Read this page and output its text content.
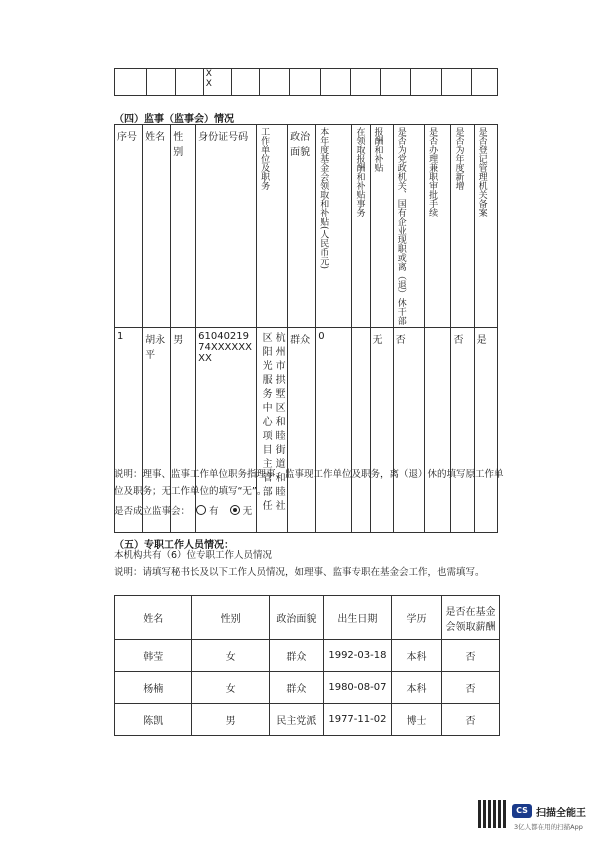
X
X

（四）监事（监事会）情况
序号	姓名	性别	身份证号码	工作单位及职务	政治面貌	本年度基金会领取和补贴(人民币元)	在领取报酬和补贴事务	报酬和补贴	是否为党政机关、国有企业现职或离（退）休干部	是否办理兼职审批手续	是否为年度新增	是否登记管理机关备案

1	胡永平	男	6104021974XXXXXXXX	杭州市拱墅区和睦街道和睦社区阳光服务中心项目主管部任	群众	0		无	否		否	是
说明：理事、监事工作单位职务指理事、监事现工作单位及职务，离（退）休的填写原工作单位及职务；无工作单位的填写“无”。
是否成立监事会： 有	无
（五）专职工作人员情况：
本机构共有（6）位专职工作人员情况
说明：请填写秘书长及以下工作人员情况，如理事、监事专职在基金会工作，也需填写。
姓名	性别	政治面貌	出生日期	学历	是否在基金会领取薪酬
韩莹	女	群众	1992-03-18	本科	否
杨楠	女	群众	1980-08-07	本科	否
陈凯	男	民主党派	1977-11-02	博士	否
CS 扫描全能王
3亿人都在用的扫描App
